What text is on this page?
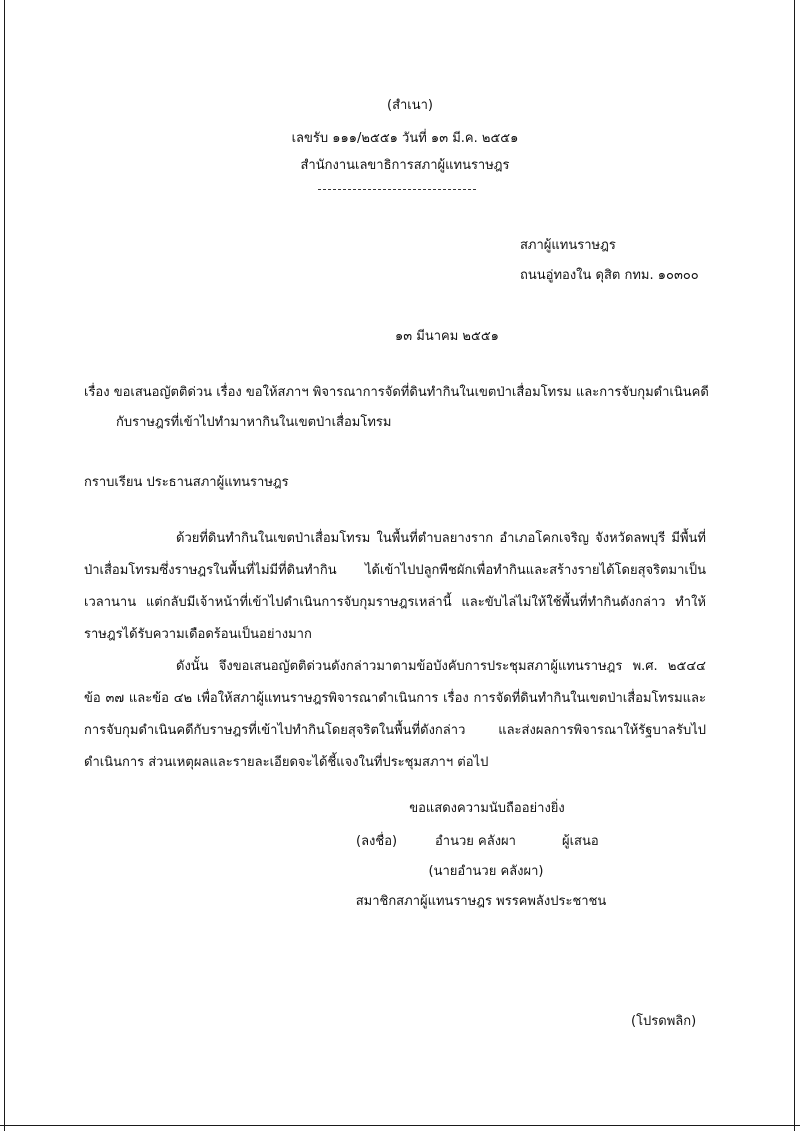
(สำเนา)
เลขรับ ๑๑๑/๒๕๕๑ วันที่ ๑๓ มี.ค. ๒๕๕๑
สำนักงานเลขาธิการสภาผู้แทนราษฎร
สภาผู้แทนราษฎร
ถนนอู่ทองใน ดุสิต กทม. ๑๐๓๐๐
๑๓ มีนาคม ๒๕๕๑
เรื่อง ขอเสนอญัตติด่วน เรื่อง ขอให้สภาฯ พิจารณาการจัดที่ดินทำกินในเขตป่าเสื่อมโทรม และการจับกุมดำเนินคดี
กับราษฎรที่เข้าไปทำมาหากินในเขตป่าเสื่อมโทรม
กราบเรียน ประธานสภาผู้แทนราษฎร
ด้วยที่ดินทำกินในเขตป่าเสื่อมโทรม ในพื้นที่ตำบลยางราก อำเภอโคกเจริญ จังหวัดลพบุรี มีพื้นที่
ป่าเสื่อมโทรมซึ่งราษฎรในพื้นที่ไม่มีที่ดินทำกิน ได้เข้าไปปลูกพืชผักเพื่อทำกินและสร้างรายได้โดยสุจริตมาเป็น
เวลานาน แต่กลับมีเจ้าหน้าที่เข้าไปดำเนินการจับกุมราษฎรเหล่านี้ และขับไล่ไม่ให้ใช้พื้นที่ทำกินดังกล่าว ทำให้
ราษฎรได้รับความเดือดร้อนเป็นอย่างมาก
ดังนั้น จึงขอเสนอญัตติด่วนดังกล่าวมาตามข้อบังคับการประชุมสภาผู้แทนราษฎร พ.ศ. ๒๕๔๔
ข้อ ๓๗ และข้อ ๔๒ เพื่อให้สภาผู้แทนราษฎรพิจารณาดำเนินการ เรื่อง การจัดที่ดินทำกินในเขตป่าเสื่อมโทรมและ
การจับกุมดำเนินคดีกับราษฎรที่เข้าไปทำกินโดยสุจริตในพื้นที่ดังกล่าว และส่งผลการพิจารณาให้รัฐบาลรับไป
ดำเนินการ ส่วนเหตุผลและรายละเอียดจะได้ชี้แจงในที่ประชุมสภาฯ ต่อไป
ขอแสดงความนับถืออย่างยิ่ง
(ลงชื่อ)	อำนวย คลังผา	ผู้เสนอ
(นายอำนวย คลังผา)
สมาชิกสภาผู้แทนราษฎร พรรคพลังประชาชน
(โปรดพลิก)
